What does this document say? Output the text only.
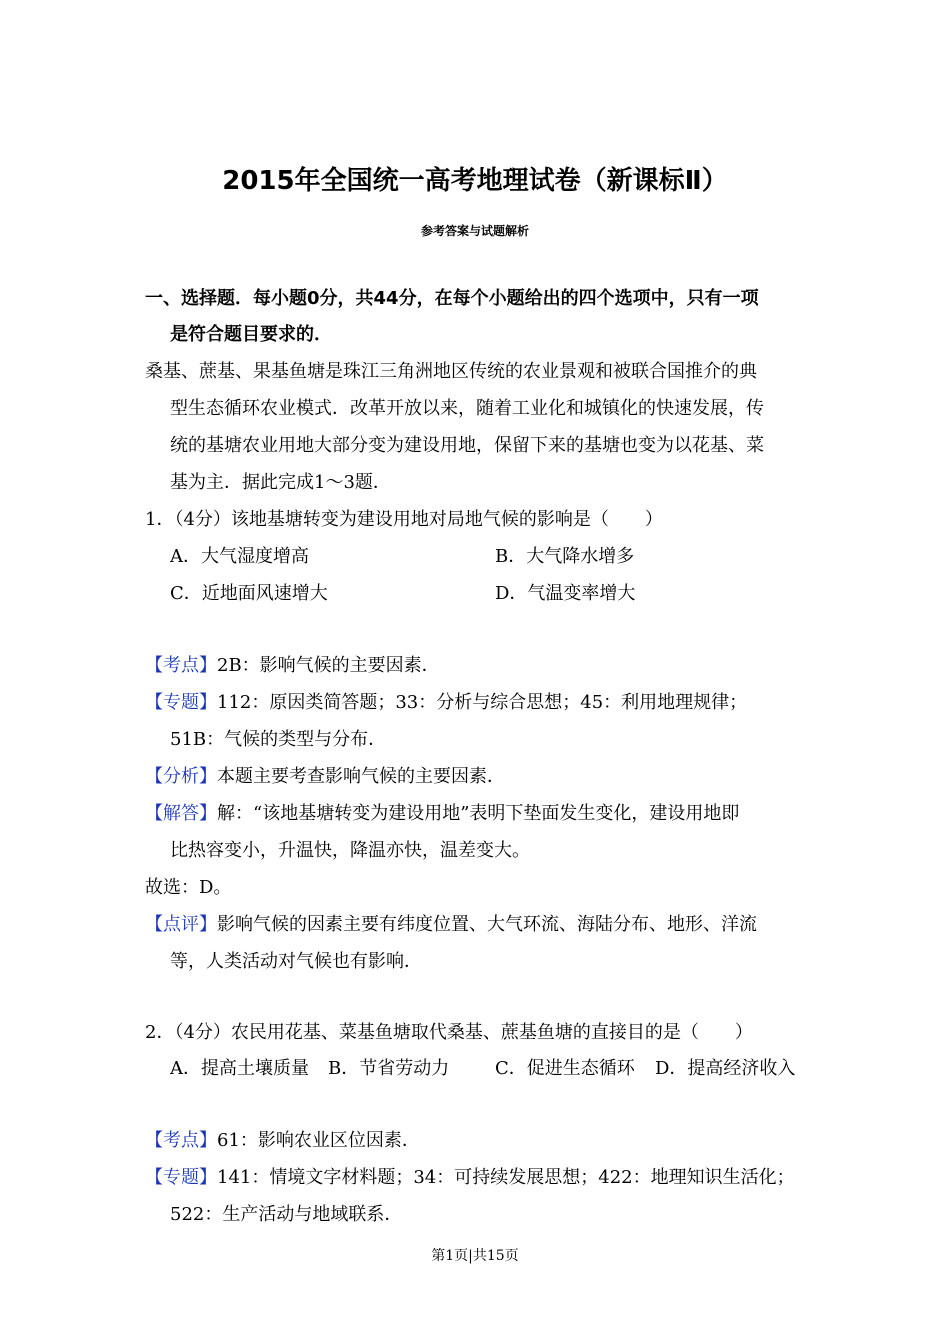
2015年全国统一高考地理试卷（新课标Ⅱ）
参考答案与试题解析
一、选择题．每小题0分，共44分，在每个小题给出的四个选项中，只有一项
是符合题目要求的．
桑基、蔗基、果基鱼塘是珠江三角洲地区传统的农业景观和被联合国推介的典
型生态循环农业模式．改革开放以来，随着工业化和城镇化的快速发展，传
统的基塘农业用地大部分变为建设用地，保留下来的基塘也变为以花基、菜
基为主．据此完成1～3题．
1．（4分）该地基塘转变为建设用地对局地气候的影响是（　　）
A．大气湿度增高	B．大气降水增多
C．近地面风速增大	D．气温变率增大
【考点】2B：影响气候的主要因素．
【专题】112：原因类简答题；33：分析与综合思想；45：利用地理规律；
51B：气候的类型与分布．
【分析】本题主要考查影响气候的主要因素．
【解答】解：“该地基塘转变为建设用地”表明下垫面发生变化，建设用地即
比热容变小，升温快，降温亦快，温差变大。
故选：D。
【点评】影响气候的因素主要有纬度位置、大气环流、海陆分布、地形、洋流
等，人类活动对气候也有影响．
2．（4分）农民用花基、菜基鱼塘取代桑基、蔗基鱼塘的直接目的是（　　）
A．提高土壤质量 B．节省劳动力	C．促进生态循环 D．提高经济收入
【考点】61：影响农业区位因素．
【专题】141：情境文字材料题；34：可持续发展思想；422：地理知识生活化；
522：生产活动与地域联系．
第1页|共15页
